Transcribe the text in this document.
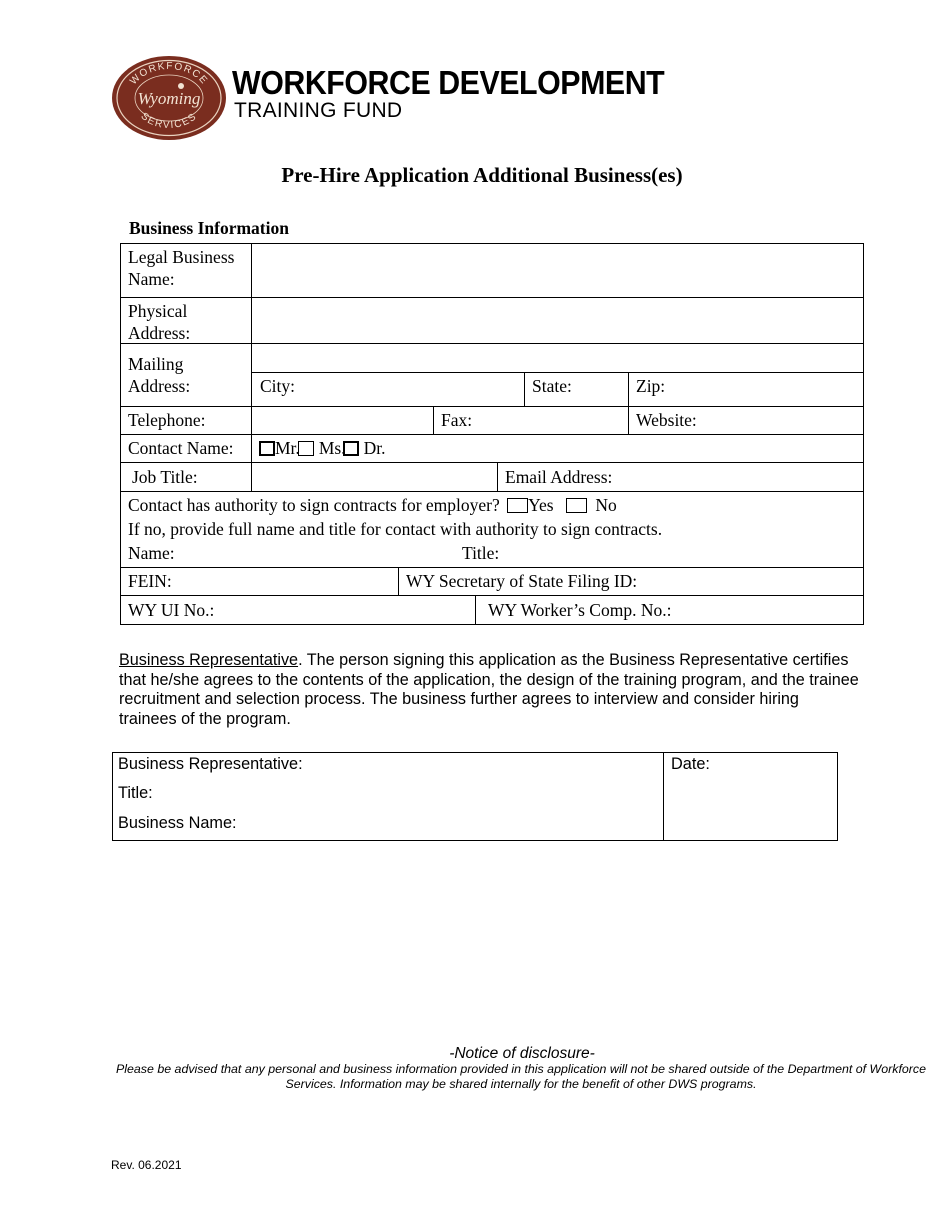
WORKFORCE
SERVICES
Wyoming WORKFORCE DEVELOPMENT
TRAINING FUND
Pre-Hire Application Additional Business(es)
Business Information
Legal Business
Name:
Physical
Address:
Mailing
Address:	City:	State:	Zip:
Telephone:	Fax:	Website:
Contact Name:	Mr. Ms. Dr.
Job Title:	Email Address:
Contact has authority to sign contracts for employer? Yes No
If no, provide full name and title for contact with authority to sign contracts.
Name:	Title:
FEIN:	WY Secretary of State Filing ID:
WY UI No.:	WY Worker’s Comp. No.:
Business Representative. The person signing this application as the Business Representative certifies that he/she agrees to the contents of the application, the design of the training program, and the trainee recruitment and selection process. The business further agrees to interview and consider hiring trainees of the program.
Business Representative:
Title:
Business Name:
Date:
-Notice of disclosure-
Please be advised that any personal and business information provided in this application will not be shared outside of the Department of Workforce Services. Information may be shared internally for the benefit of other DWS programs.
Rev. 06.2021
